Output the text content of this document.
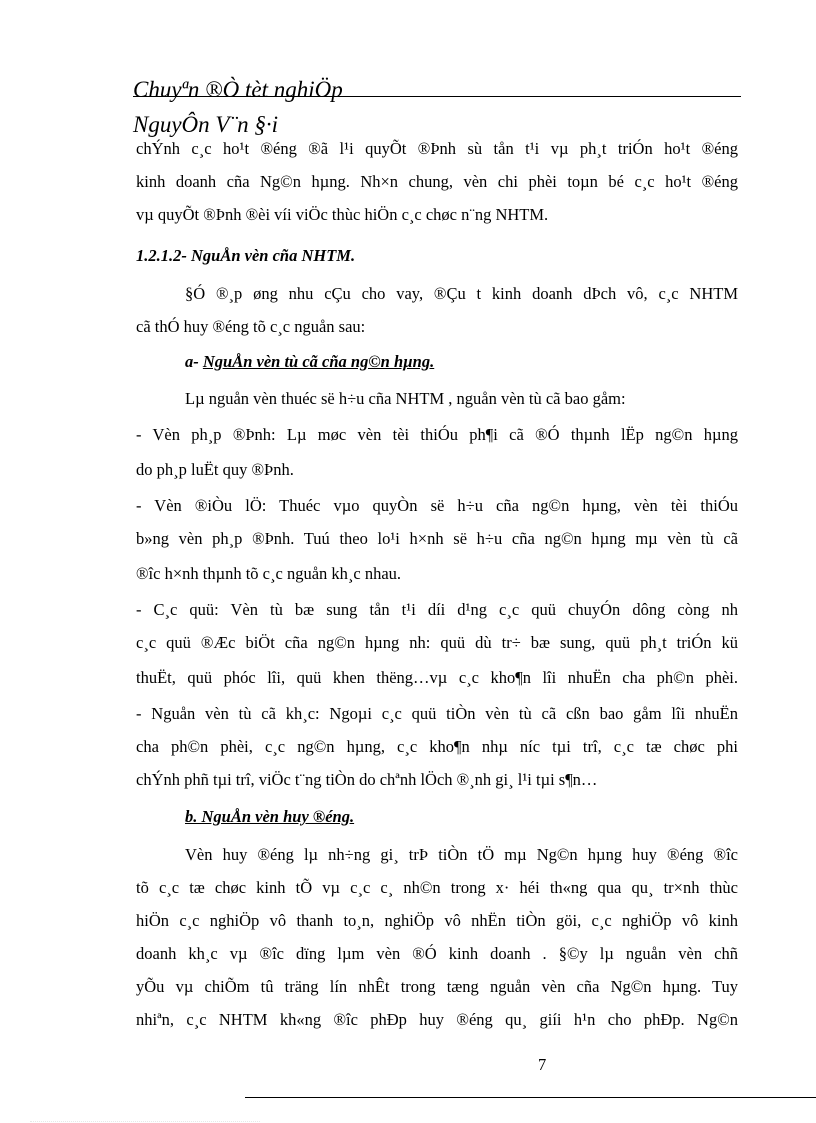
Chuyªn ®Ò tèt nghiÖp
NguyÔn V¨n §·i
chÝnh c¸c ho¹t ®éng ®ã l¹i quyÕt ®Þnh sù tån t¹i vµ ph¸t triÓn ho¹t ®éng
kinh doanh cña Ng©n hµng. Nh×n chung, vèn chi phèi toµn bé c¸c ho¹t ®éng
vµ quyÕt ®Þnh ®èi víi viÖc thùc hiÖn c¸c chøc n¨ng NHTM.
1.2.1.2- NguÅn vèn cña NHTM.
§Ó ®¸p øng nhu cÇu cho vay, ®Çu t kinh doanh dÞch vô, c¸c NHTM
cã thÓ huy ®éng tõ c¸c nguån sau:
a- NguÅn vèn tù cã cña ng©n hµng.
Lµ nguån vèn thuéc së h÷u cña NHTM , nguån vèn tù cã bao gåm:
- Vèn ph¸p ®Þnh: Lµ møc vèn tèi thiÓu ph¶i cã ®Ó thµnh lËp ng©n hµng
do ph¸p luËt quy ®Þnh.
- Vèn ®iÒu lÖ: Thuéc vµo quyÒn së h÷u cña ng©n hµng, vèn tèi thiÓu
b»ng vèn ph¸p ®Þnh. Tuú theo lo¹i h×nh së h÷u cña ng©n hµng mµ vèn tù cã
®îc h×nh thµnh tõ c¸c nguån kh¸c nhau.
- C¸c quü: Vèn tù bæ sung tån t¹i díi d¹ng c¸c quü chuyÓn dông còng nh
c¸c quü ®Æc biÖt cña ng©n hµng nh: quü dù tr÷ bæ sung, quü ph¸t triÓn kü
thuËt, quü phóc lîi, quü khen thëng…vµ c¸c kho¶n lîi nhuËn cha ph©n phèi.
- Nguån vèn tù cã kh¸c: Ngoµi c¸c quü tiÒn vèn tù cã cßn bao gåm lîi nhuËn
cha ph©n phèi, c¸c ng©n hµng, c¸c kho¶n nhµ níc tµi trî, c¸c tæ chøc phi
chÝnh phñ tµi trî, viÖc t¨ng tiÒn do chªnh lÖch ®¸nh gi¸ l¹i tµi s¶n…
b. NguÅn vèn huy ®éng.
Vèn huy ®éng lµ nh÷ng gi¸ trÞ tiÒn tÖ mµ Ng©n hµng huy ®éng ®îc
tõ c¸c tæ chøc kinh tÕ vµ c¸c c¸ nh©n trong x· héi th«ng qua qu¸ tr×nh thùc
hiÖn c¸c nghiÖp vô thanh to¸n, nghiÖp vô nhËn tiÒn göi, c¸c nghiÖp vô kinh
doanh kh¸c vµ ®îc dïng lµm vèn ®Ó kinh doanh . §©y lµ nguån vèn chñ
yÕu vµ chiÕm tû träng lín nhÊt trong tæng nguån vèn cña Ng©n hµng. Tuy
nhiªn, c¸c NHTM kh«ng ®îc phÐp huy ®éng qu¸ giíi h¹n cho phÐp. Ng©n
7
